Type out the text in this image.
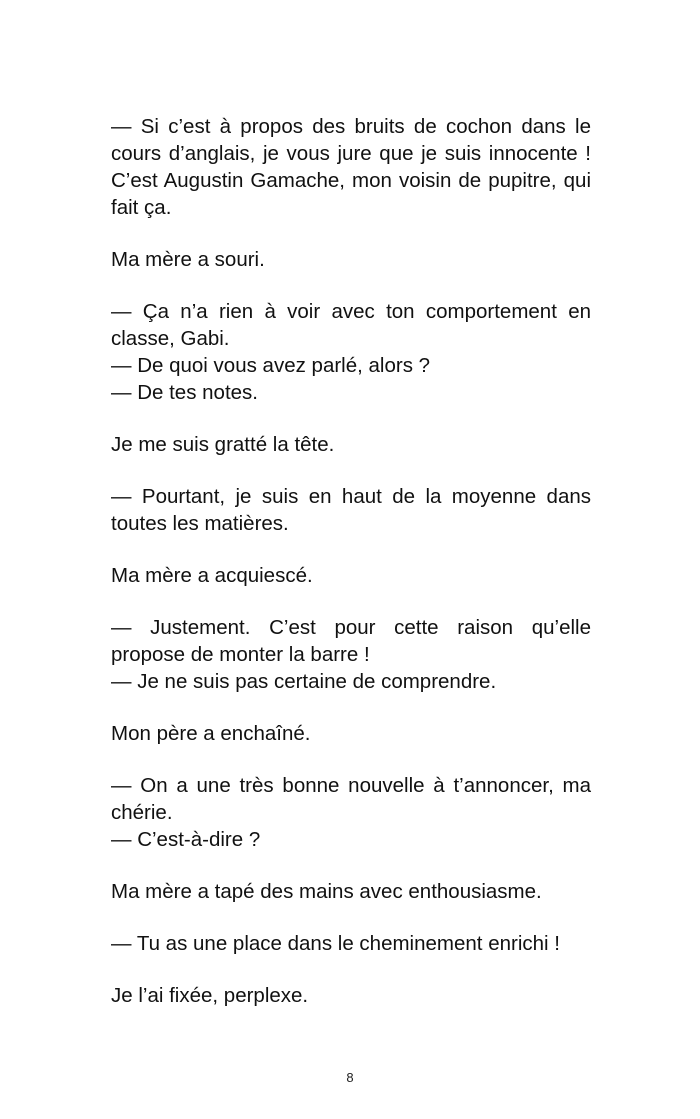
— Si c’est à propos des bruits de cochon dans le cours d’anglais, je vous jure que je suis innocente ! C’est Augustin Gamache, mon voisin de pupitre, qui fait ça.

Ma mère a souri.

— Ça n’a rien à voir avec ton comportement en classe, Gabi.
— De quoi vous avez parlé, alors ?
— De tes notes.

Je me suis gratté la tête.

— Pourtant, je suis en haut de la moyenne dans toutes les matières.

Ma mère a acquiescé.

— Justement. C’est pour cette raison qu’elle propose de monter la barre !
— Je ne suis pas certaine de comprendre.

Mon père a enchaîné.

— On a une très bonne nouvelle à t’annoncer, ma chérie.
— C’est-à-dire ?

Ma mère a tapé des mains avec enthousiasme.

— Tu as une place dans le cheminement enrichi !

Je l’ai fixée, perplexe.

8
